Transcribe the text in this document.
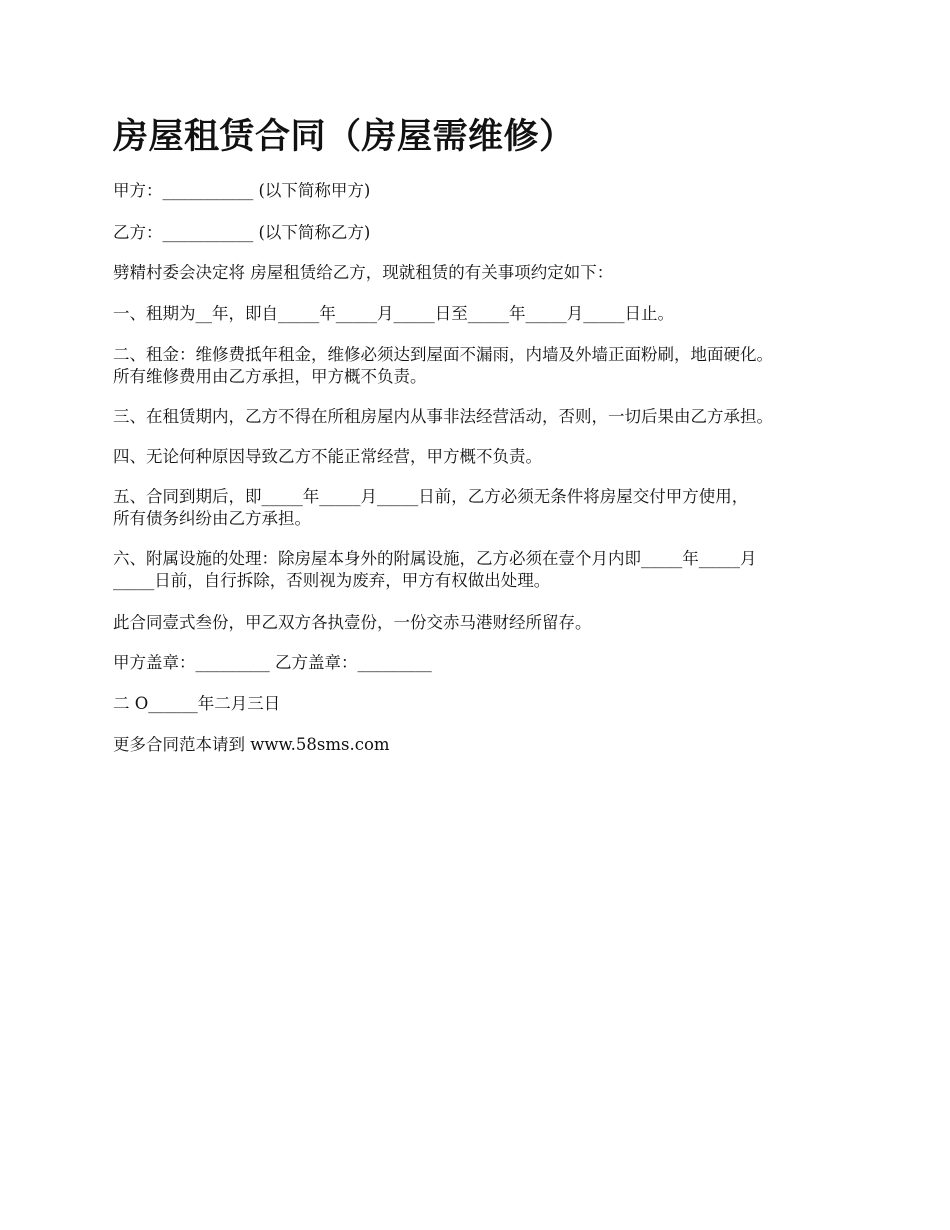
房屋租赁合同（房屋需维修）

甲方：___________ (以下简称甲方)

乙方：___________ (以下简称乙方)

劈精村委会决定将 房屋租赁给乙方，现就租赁的有关事项约定如下：

一、租期为__年，即自_____年_____月_____日至_____年_____月_____日止。

二、租金：维修费抵年租金，维修必须达到屋面不漏雨，内墙及外墙正面粉刷，地面硬化。
所有维修费用由乙方承担，甲方概不负责。

三、在租赁期内，乙方不得在所租房屋内从事非法经营活动，否则，一切后果由乙方承担。

四、无论何种原因导致乙方不能正常经营，甲方概不负责。

五、合同到期后，即_____年_____月_____日前，乙方必须无条件将房屋交付甲方使用，
所有债务纠纷由乙方承担。

六、附属设施的处理：除房屋本身外的附属设施，乙方必须在壹个月内即_____年_____月
_____日前，自行拆除，否则视为废弃，甲方有权做出处理。

此合同壹式叁份，甲乙双方各执壹份，一份交赤马港财经所留存。

甲方盖章：_________ 乙方盖章：_________

二 O______年二月三日

更多合同范本请到 www.58sms.com
